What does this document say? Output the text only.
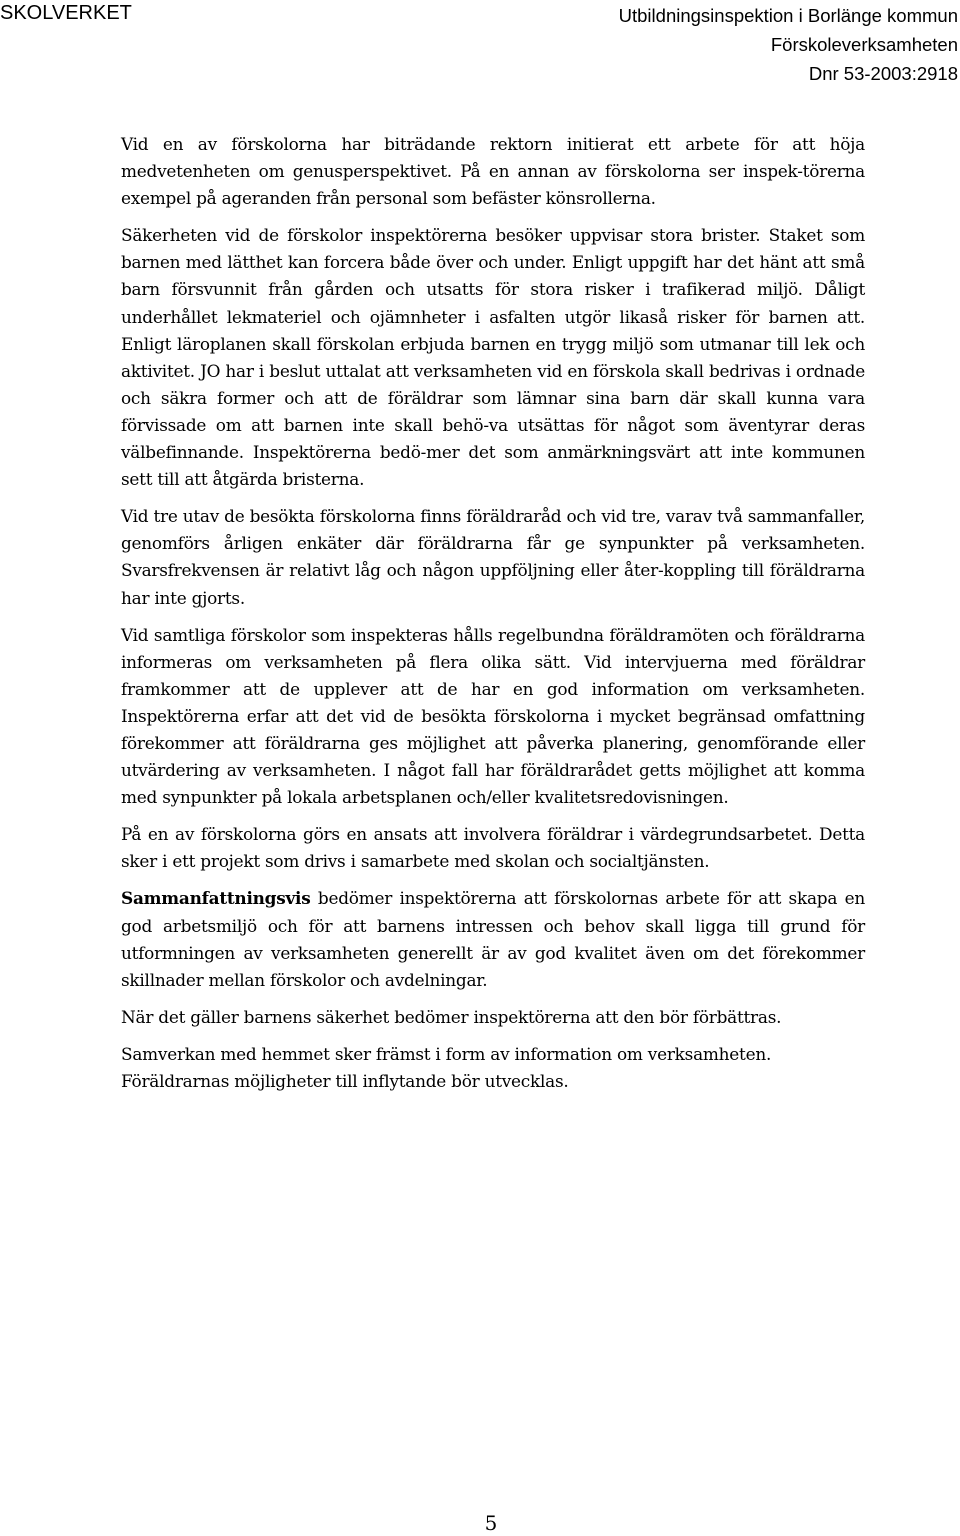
SKOLVERKET	Utbildningsinspektion i Borlänge kommun
Förskoleverksamheten
Dnr 53-2003:2918

Vid en av förskolorna har biträdande rektorn initierat ett arbete för att höja medvetenheten om genusperspektivet. På en annan av förskolorna ser inspek-törerna exempel på ageranden från personal som befäster könsrollerna.

Säkerheten vid de förskolor inspektörerna besöker uppvisar stora brister. Staket som barnen med lätthet kan forcera både över och under. Enligt uppgift har det hänt att små barn försvunnit från gården och utsatts för stora risker i trafikerad miljö. Dåligt underhållet lekmateriel och ojämnheter i asfalten utgör likaså risker för barnen att. Enligt läroplanen skall förskolan erbjuda barnen en trygg miljö som utmanar till lek och aktivitet. JO har i beslut uttalat att verksamheten vid en förskola skall bedrivas i ordnade och säkra former och att de föräldrar som lämnar sina barn där skall kunna vara förvissade om att barnen inte skall behö-va utsättas för något som äventyrar deras välbefinnande. Inspektörerna bedö-mer det som anmärkningsvärt att inte kommunen sett till att åtgärda bristerna.

Vid tre utav de besökta förskolorna finns föräldraråd och vid tre, varav två sammanfaller, genomförs årligen enkäter där föräldrarna får ge synpunkter på verksamheten. Svarsfrekvensen är relativt låg och någon uppföljning eller åter-koppling till föräldrarna har inte gjorts.

Vid samtliga förskolor som inspekteras hålls regelbundna föräldramöten och föräldrarna informeras om verksamheten på flera olika sätt. Vid intervjuerna med föräldrar framkommer att de upplever att de har en god information om verksamheten. Inspektörerna erfar att det vid de besökta förskolorna i mycket begränsad omfattning förekommer att föräldrarna ges möjlighet att påverka planering, genomförande eller utvärdering av verksamheten. I något fall har föräldrarådet getts möjlighet att komma med synpunkter på lokala arbetsplanen och/eller kvalitetsredovisningen.

På en av förskolorna görs en ansats att involvera föräldrar i värdegrundsarbetet. Detta sker i ett projekt som drivs i samarbete med skolan och socialtjänsten.

Sammanfattningsvis bedömer inspektörerna att förskolornas arbete för att skapa en god arbetsmiljö och för att barnens intressen och behov skall ligga till grund för utformningen av verksamheten generellt är av god kvalitet även om det förekommer skillnader mellan förskolor och avdelningar.

När det gäller barnens säkerhet bedömer inspektörerna att den bör förbättras.

Samverkan med hemmet sker främst i form av information om verksamheten. Föräldrarnas möjligheter till inflytande bör utvecklas.

5
